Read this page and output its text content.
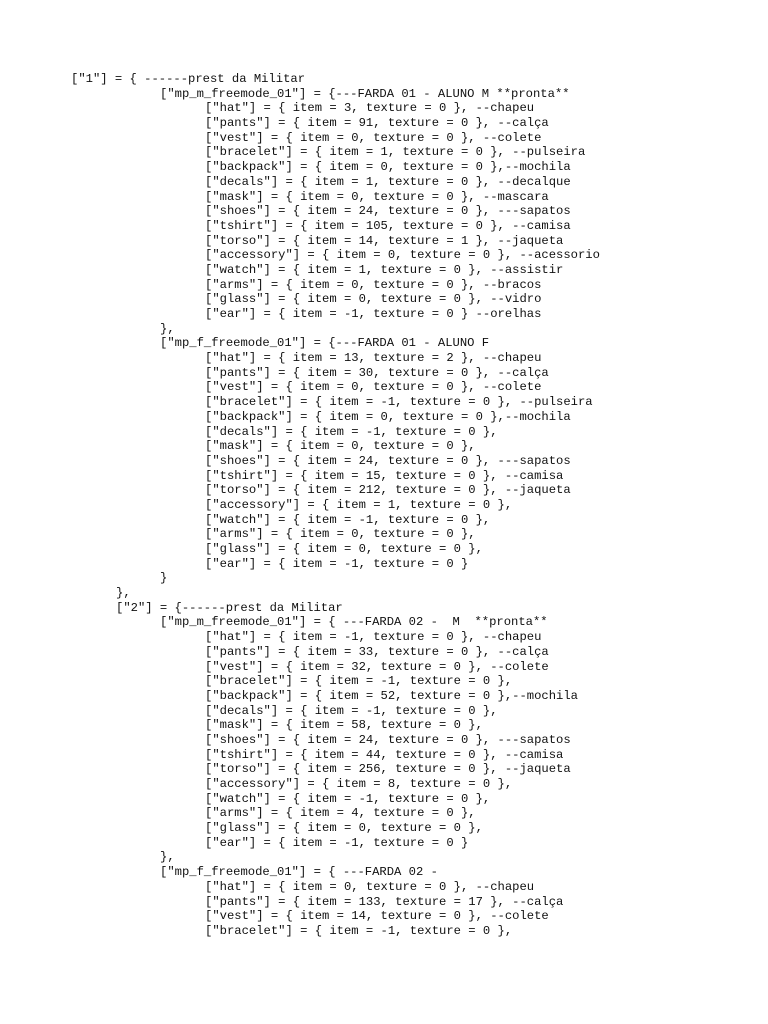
["1"] = { ------prest da Militar
["mp_m_freemode_01"] = {---FARDA 01 - ALUNO M **pronta**
["hat"] = { item = 3, texture = 0 }, --chapeu
["pants"] = { item = 91, texture = 0 }, --calça
["vest"] = { item = 0, texture = 0 }, --colete
["bracelet"] = { item = 1, texture = 0 }, --pulseira
["backpack"] = { item = 0, texture = 0 },--mochila
["decals"] = { item = 1, texture = 0 }, --decalque
["mask"] = { item = 0, texture = 0 }, --mascara
["shoes"] = { item = 24, texture = 0 }, ---sapatos
["tshirt"] = { item = 105, texture = 0 }, --camisa
["torso"] = { item = 14, texture = 1 }, --jaqueta
["accessory"] = { item = 0, texture = 0 }, --acessorio
["watch"] = { item = 1, texture = 0 }, --assistir
["arms"] = { item = 0, texture = 0 }, --bracos
["glass"] = { item = 0, texture = 0 }, --vidro
["ear"] = { item = -1, texture = 0 } --orelhas
},
["mp_f_freemode_01"] = {---FARDA 01 - ALUNO F
["hat"] = { item = 13, texture = 2 }, --chapeu
["pants"] = { item = 30, texture = 0 }, --calça
["vest"] = { item = 0, texture = 0 }, --colete
["bracelet"] = { item = -1, texture = 0 }, --pulseira
["backpack"] = { item = 0, texture = 0 },--mochila
["decals"] = { item = -1, texture = 0 },
["mask"] = { item = 0, texture = 0 },
["shoes"] = { item = 24, texture = 0 }, ---sapatos
["tshirt"] = { item = 15, texture = 0 }, --camisa
["torso"] = { item = 212, texture = 0 }, --jaqueta
["accessory"] = { item = 1, texture = 0 },
["watch"] = { item = -1, texture = 0 },
["arms"] = { item = 0, texture = 0 },
["glass"] = { item = 0, texture = 0 },
["ear"] = { item = -1, texture = 0 }
}
},
["2"] = {------prest da Militar
["mp_m_freemode_01"] = { ---FARDA 02 -  M  **pronta**
["hat"] = { item = -1, texture = 0 }, --chapeu
["pants"] = { item = 33, texture = 0 }, --calça
["vest"] = { item = 32, texture = 0 }, --colete
["bracelet"] = { item = -1, texture = 0 },
["backpack"] = { item = 52, texture = 0 },--mochila
["decals"] = { item = -1, texture = 0 },
["mask"] = { item = 58, texture = 0 },
["shoes"] = { item = 24, texture = 0 }, ---sapatos
["tshirt"] = { item = 44, texture = 0 }, --camisa
["torso"] = { item = 256, texture = 0 }, --jaqueta
["accessory"] = { item = 8, texture = 0 },
["watch"] = { item = -1, texture = 0 },
["arms"] = { item = 4, texture = 0 },
["glass"] = { item = 0, texture = 0 },
["ear"] = { item = -1, texture = 0 }
},
["mp_f_freemode_01"] = { ---FARDA 02 -
["hat"] = { item = 0, texture = 0 }, --chapeu
["pants"] = { item = 133, texture = 17 }, --calça
["vest"] = { item = 14, texture = 0 }, --colete
["bracelet"] = { item = -1, texture = 0 },
